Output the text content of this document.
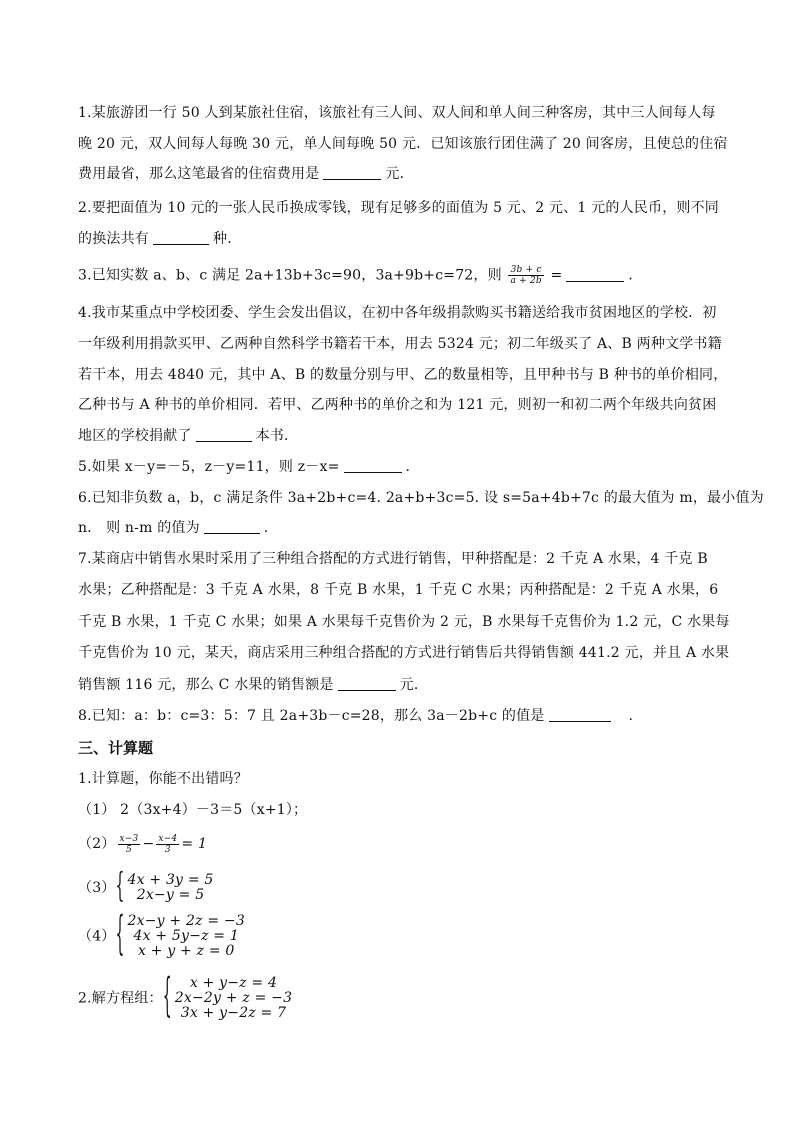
1.某旅游团一行 50 人到某旅社住宿，该旅社有三人间、双人间和单人间三种客房，其中三人间每人每
晚 20 元，双人间每人每晚 30 元，单人间每晚 50 元．已知该旅行团住满了 20 间客房，且使总的住宿
费用最省，那么这笔最省的住宿费用是	元．
2.要把面值为 10 元的一张人民币换成零钱，现有足够多的面值为 5 元、2 元、1 元的人民币，则不同
的换法共有	种．
3.已知实数 a、b、c 满足 2a+13b+3c=90，3a+9b+c=72，则 $\frac{3b + c}{a + 2b}$ =	．
4.我市某重点中学校团委、学生会发出倡议，在初中各年级捐款购买书籍送给我市贫困地区的学校．初
一年级利用捐款买甲、乙两种自然科学书籍若干本，用去 5324 元；初二年级买了 A、B 两种文学书籍
若干本，用去 4840 元，其中 A、B 的数量分别与甲、乙的数量相等，且甲种书与 B 种书的单价相同，
乙种书与 A 种书的单价相同．若甲、乙两种书的单价之和为 121 元，则初一和初二两个年级共向贫困
地区的学校捐献了	本书．
5.如果 x－y=－5，z－y=11，则 z－x=	．
6.已知非负数 a，b，c 满足条件 3a+2b+c=4. 2a+b+3c=5. 设 s=5a+4b+7c 的最大值为 m，最小值为
n． 则 n-m 的值为	.
7.某商店中销售水果时采用了三种组合搭配的方式进行销售，甲种搭配是：2 千克 A 水果，4 千克 B
水果；乙种搭配是：3 千克 A 水果，8 千克 B 水果，1 千克 C 水果；丙种搭配是：2 千克 A 水果，6
千克 B 水果，1 千克 C 水果；如果 A 水果每千克售价为 2 元，B 水果每千克售价为 1.2 元，C 水果每
千克售价为 10 元，某天，商店采用三种组合搭配的方式进行销售后共得销售额 441.2 元，并且 A 水果
销售额 116 元，那么 C 水果的销售额是	元．
8.已知：a：b：c=3：5：7 且 2a+3b－c=28，那么 3a－2b+c 的值是	.
三、计算题
1.计算题，你能不出错吗？
（1） 2（3x+4）－3＝5（x+1）；
$(2) \frac{x-3}{5} - \frac{x-4}{3} = 1$
（3） { 4x + 3y = 5
2x−y = 5
（4） { 2x−y + 2z = −3
4x + 5y−z = 1
x + y + z = 0
2.解方程组： {	x + y−z = 4
2x−2y + z = −3
3x + y−2z = 7
